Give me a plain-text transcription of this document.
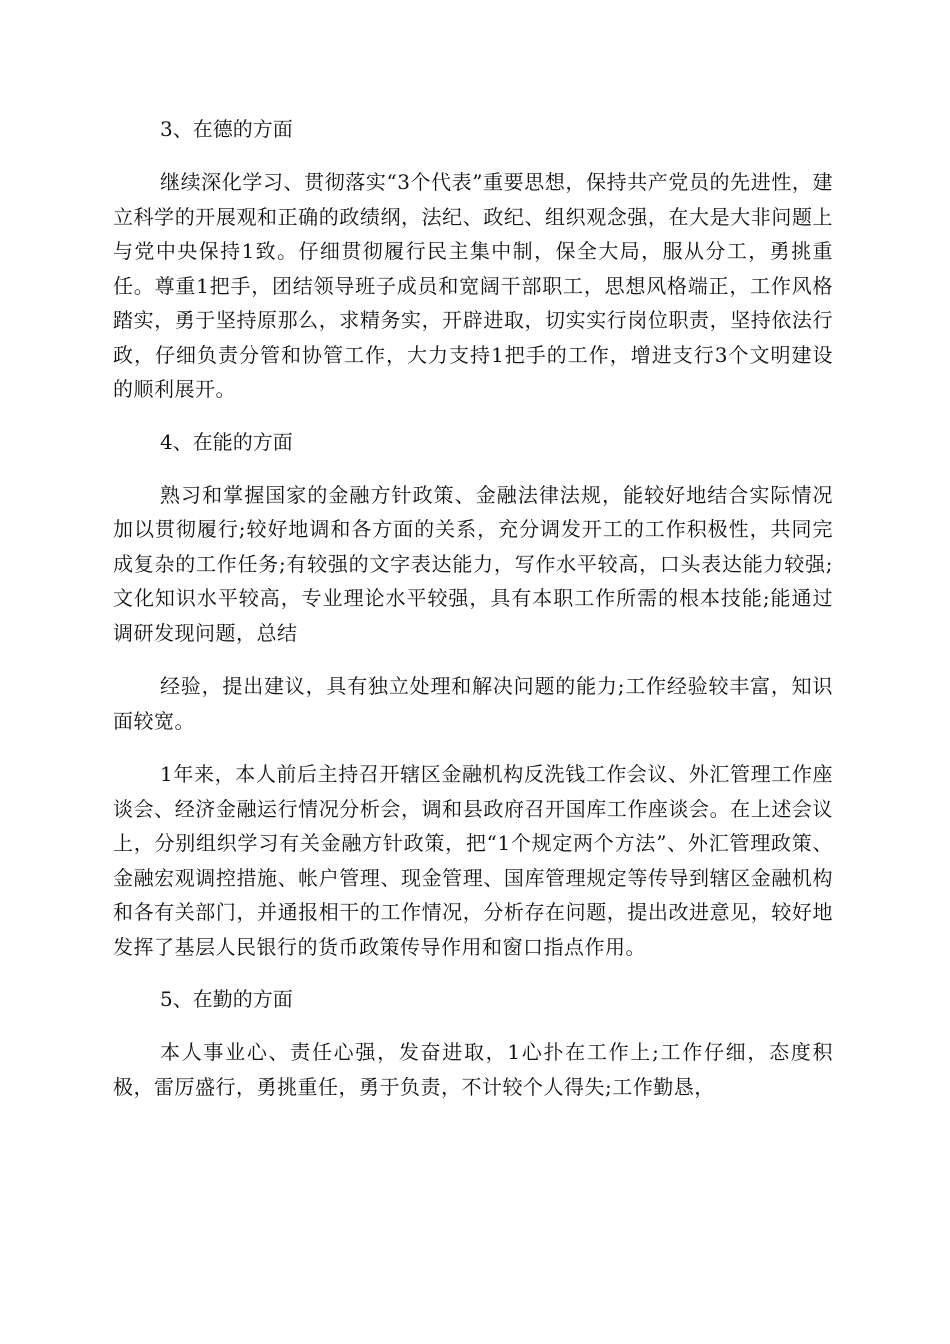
3、在德的方面

继续深化学习、贯彻落实“3个代表”重要思想，保持共产党员的先进性，建立科学的开展观和正确的政绩纲，法纪、政纪、组织观念强，在大是大非问题上与党中央保持1致。仔细贯彻履行民主集中制，保全大局，服从分工，勇挑重任。尊重1把手，团结领导班子成员和宽阔干部职工，思想风格端正，工作风格踏实，勇于坚持原那么，求精务实，开辟进取，切实实行岗位职责，坚持依法行政，仔细负责分管和协管工作，大力支持1把手的工作，增进支行3个文明建设的顺利展开。

4、在能的方面

熟习和掌握国家的金融方针政策、金融法律法规，能较好地结合实际情况加以贯彻履行;较好地调和各方面的关系，充分调发开工的工作积极性，共同完成复杂的工作任务;有较强的文字表达能力，写作水平较高，口头表达能力较强;文化知识水平较高，专业理论水平较强，具有本职工作所需的根本技能;能通过调研发现问题，总结

经验，提出建议，具有独立处理和解决问题的能力;工作经验较丰富，知识面较宽。

1年来，本人前后主持召开辖区金融机构反洗钱工作会议、外汇管理工作座谈会、经济金融运行情况分析会，调和县政府召开国库工作座谈会。在上述会议上，分别组织学习有关金融方针政策，把“1个规定两个方法”、外汇管理政策、金融宏观调控措施、帐户管理、现金管理、国库管理规定等传导到辖区金融机构和各有关部门，并通报相干的工作情况，分析存在问题，提出改进意见，较好地发挥了基层人民银行的货币政策传导作用和窗口指点作用。

5、在勤的方面

本人事业心、责任心强，发奋进取，1心扑在工作上;工作仔细，态度积极，雷厉盛行，勇挑重任，勇于负责，不计较个人得失;工作勤恳，
